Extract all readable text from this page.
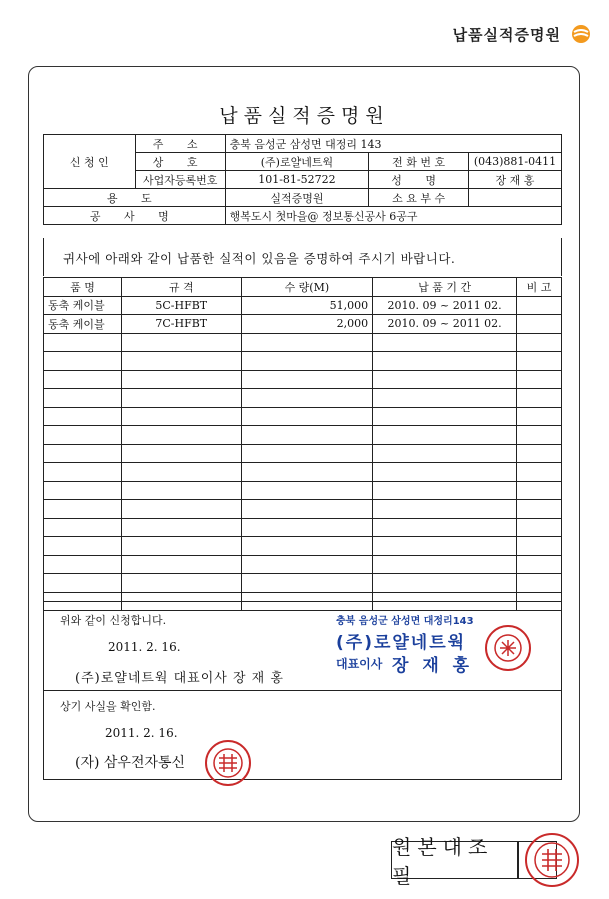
납품실적증명원
납품실적증명원
신 청 인	주 소	충북 음성군 삼성면 대정리 143		
	상 호	(주)로얄네트웍	전 화 번 호	(043)881-0411
	사업자등록번호	101-81-52722	성 명	장 재 홍
용 도		실적증명원	소 요 부 수	
공 사 명		행복도시 첫마을@ 정보통신공사 6공구		
귀사에 아래와 같이 납품한 실적이 있음을 증명하여 주시기 바랍니다.
품 명	규 격	수 량(M)	납 품 기 간	비 고
동축 케이블	5C-HFBT	51,000	2010. 09 ~ 2011 02.	
동축 케이블	7C-HFBT	2,000	2010. 09 ~ 2011 02.	

위와 같이 신청합니다.
2011. 2. 16.
(주)로얄네트웍 대표이사 장 재 홍
충북 음성군 삼성면 대정리143
(주)로얄네트웍
대표이사 장 재 홍
상기 사실을 확인함.
2011. 2. 16.
(자) 삼우전자통신
원본대조필
